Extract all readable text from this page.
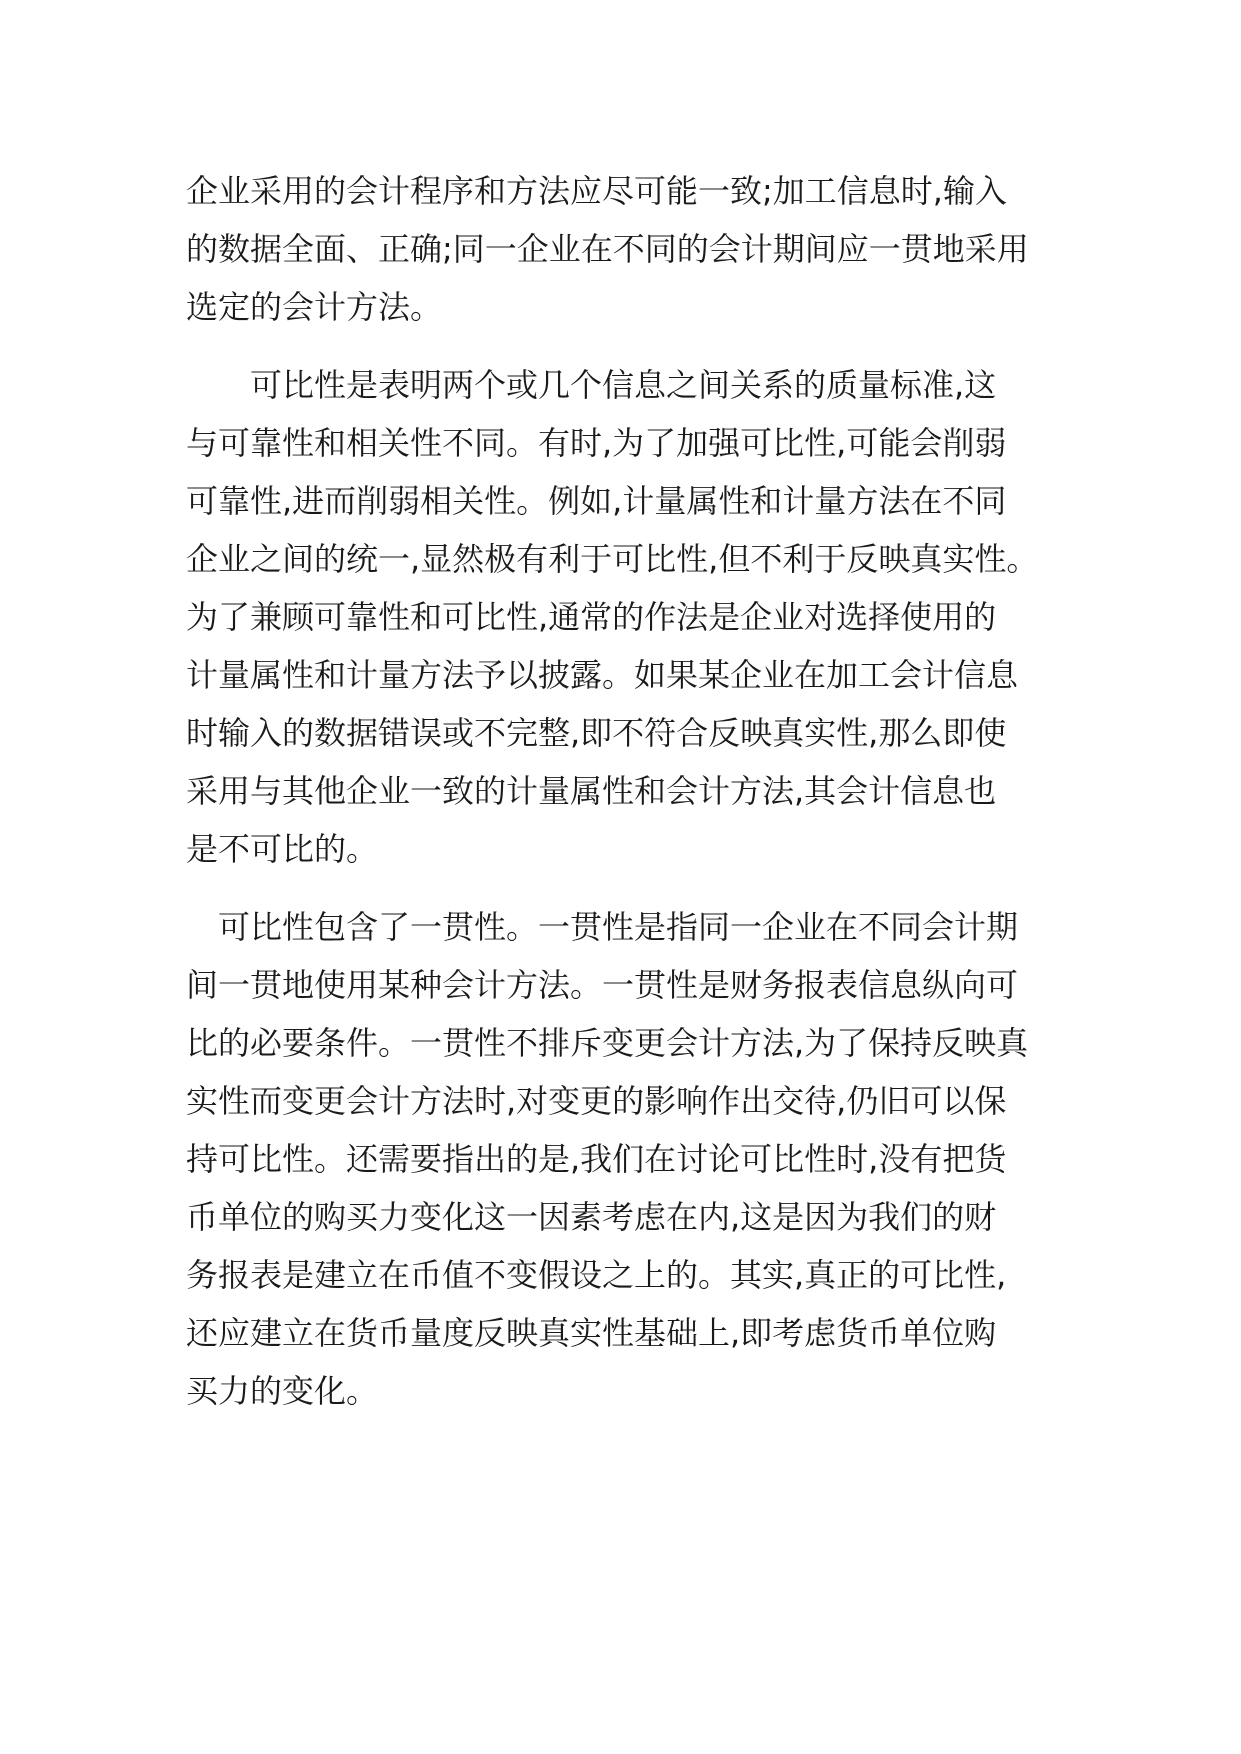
企业采用的会计程序和方法应尽可能一致;加工信息时,输入
的数据全面、正确;同一企业在不同的会计期间应一贯地采用
选定的会计方法。
　　可比性是表明两个或几个信息之间关系的质量标准,这
与可靠性和相关性不同。有时,为了加强可比性,可能会削弱
可靠性,进而削弱相关性。例如,计量属性和计量方法在不同
企业之间的统一,显然极有利于可比性,但不利于反映真实性。
为了兼顾可靠性和可比性,通常的作法是企业对选择使用的
计量属性和计量方法予以披露。如果某企业在加工会计信息
时输入的数据错误或不完整,即不符合反映真实性,那么即使
采用与其他企业一致的计量属性和会计方法,其会计信息也
是不可比的。
　可比性包含了一贯性。一贯性是指同一企业在不同会计期
间一贯地使用某种会计方法。一贯性是财务报表信息纵向可
比的必要条件。一贯性不排斥变更会计方法,为了保持反映真
实性而变更会计方法时,对变更的影响作出交待,仍旧可以保
持可比性。还需要指出的是,我们在讨论可比性时,没有把货
币单位的购买力变化这一因素考虑在内,这是因为我们的财
务报表是建立在币值不变假设之上的。其实,真正的可比性,
还应建立在货币量度反映真实性基础上,即考虑货币单位购
买力的变化。
